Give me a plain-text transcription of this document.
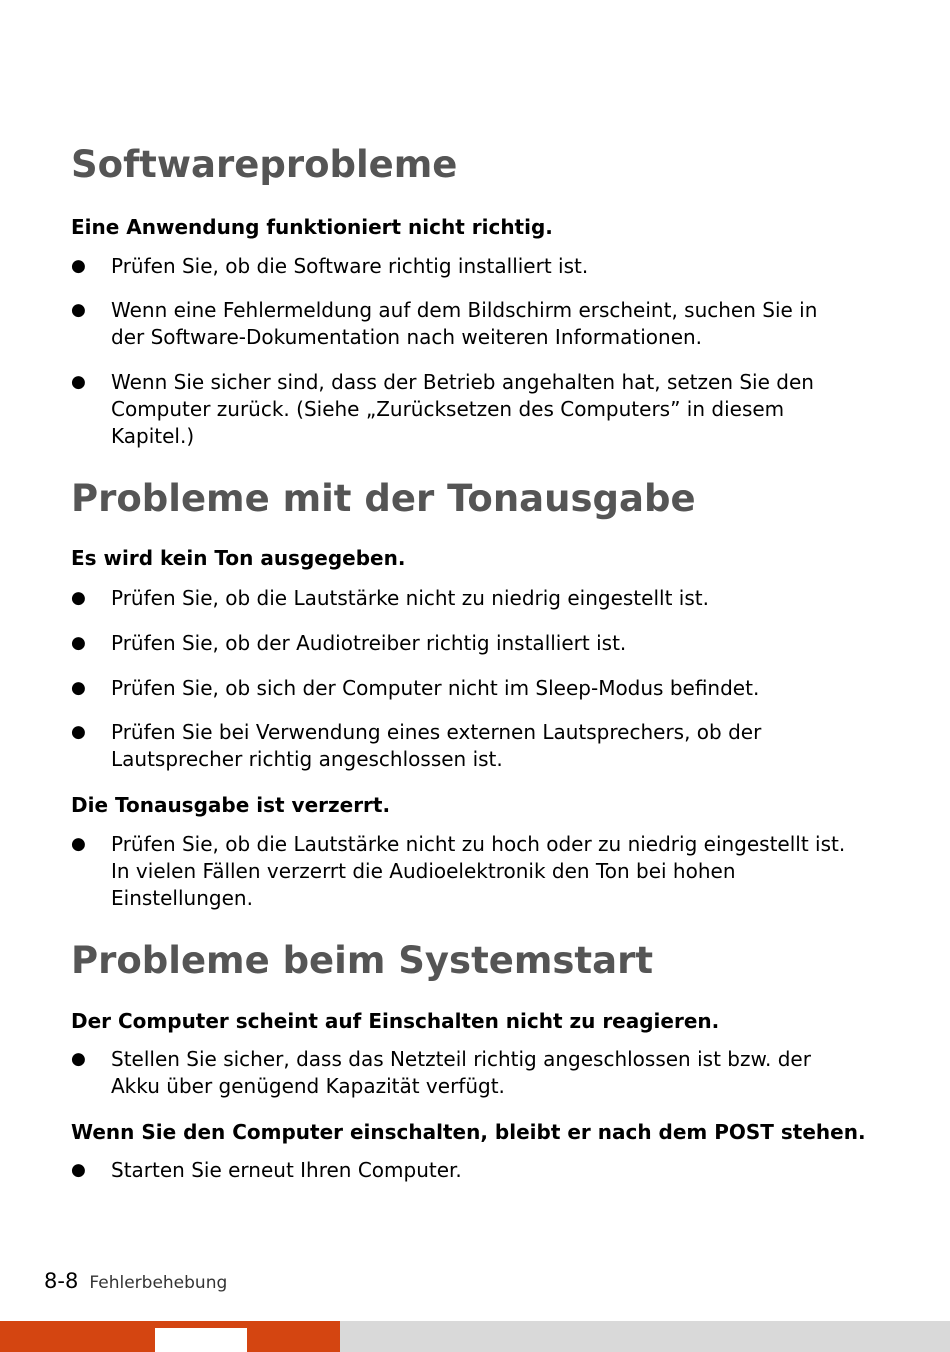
Softwareprobleme
Eine Anwendung funktioniert nicht richtig.
● Prüfen Sie, ob die Software richtig installiert ist.
● Wenn eine Fehlermeldung auf dem Bildschirm erscheint, suchen Sie in
der Software-Dokumentation nach weiteren Informationen.
● Wenn Sie sicher sind, dass der Betrieb angehalten hat, setzen Sie den
Computer zurück. (Siehe „Zurücksetzen des Computers” in diesem
Kapitel.)
Probleme mit der Tonausgabe
Es wird kein Ton ausgegeben.
● Prüfen Sie, ob die Lautstärke nicht zu niedrig eingestellt ist.
● Prüfen Sie, ob der Audiotreiber richtig installiert ist.
● Prüfen Sie, ob sich der Computer nicht im Sleep-Modus befindet.
● Prüfen Sie bei Verwendung eines externen Lautsprechers, ob der
Lautsprecher richtig angeschlossen ist.
Die Tonausgabe ist verzerrt.
● Prüfen Sie, ob die Lautstärke nicht zu hoch oder zu niedrig eingestellt ist.
In vielen Fällen verzerrt die Audioelektronik den Ton bei hohen
Einstellungen.
Probleme beim Systemstart
Der Computer scheint auf Einschalten nicht zu reagieren.
● Stellen Sie sicher, dass das Netzteil richtig angeschlossen ist bzw. der
Akku über genügend Kapazität verfügt.
Wenn Sie den Computer einschalten, bleibt er nach dem POST stehen.
● Starten Sie erneut Ihren Computer.
8-8 Fehlerbehebung
